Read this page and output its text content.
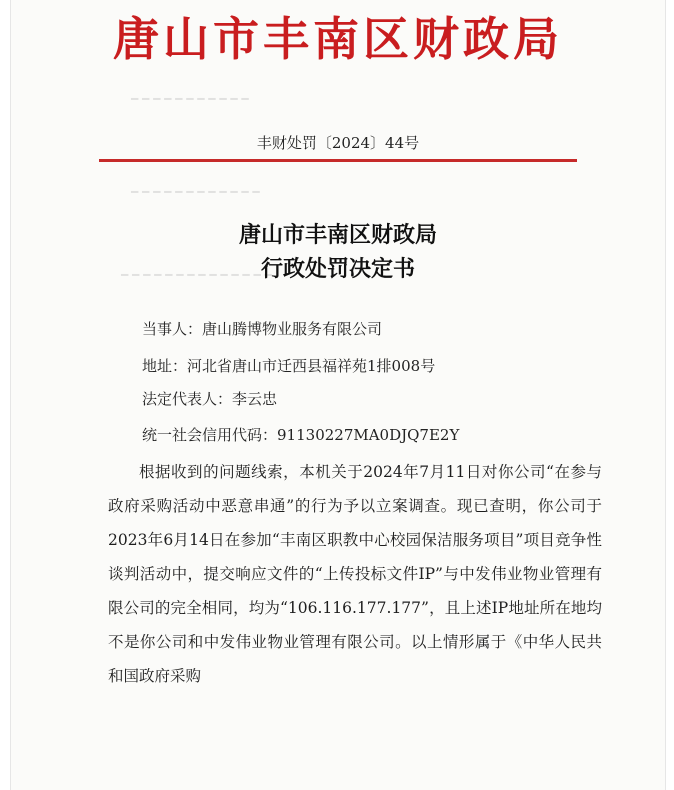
━ ━ ━ ━ ━ ━ ━ ━ ━ ━ ━
━ ━ ━ ━ ━ ━ ━ ━ ━ ━ ━ ━
━ ━ ━ ━ ━ ━ ━ ━ ━ ━ ━ ━ ━ ━
唐山市丰南区财政局
丰财处罚〔2024〕44号
唐山市丰南区财政局
行政处罚决定书
当事人：唐山腾博物业服务有限公司
地址：河北省唐山市迁西县福祥苑1排008号
法定代表人：李云忠
统一社会信用代码：91130227MA0DJQ7E2Y

根据收到的问题线索，本机关于2024年7月11日对你公司“在参与政府采购活动中恶意串通”的行为予以立案调查。现已查明，你公司于2023年6月14日在参加“丰南区职教中心校园保洁服务项目”项目竞争性谈判活动中，提交响应文件的“上传投标文件IP”与中发伟业物业管理有限公司的完全相同，均为“106.116.177.177”，且上述IP地址所在地均不是你公司和中发伟业物业管理有限公司。以上情形属于《中华人民共和国政府采购
